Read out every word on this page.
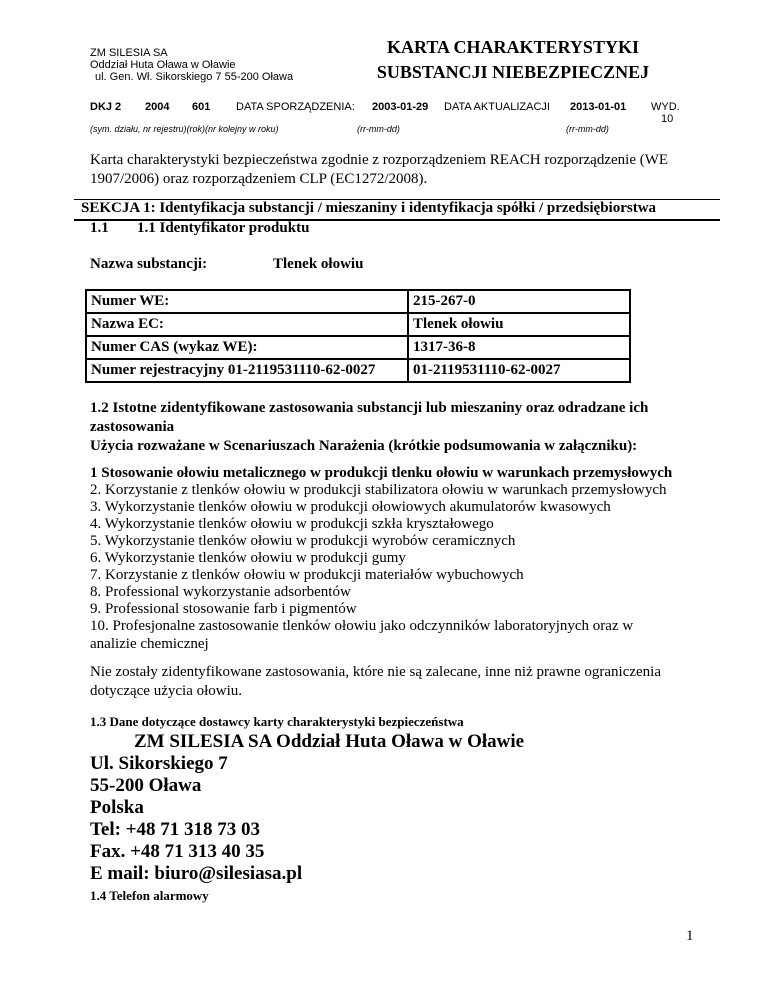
ZM SILESIA SA
Oddział Huta Oława w Oławie
ul. Gen. Wł. Sikorskiego 7 55-200 Oława
KARTA CHARAKTERYSTYKI
SUBSTANCJI NIEBEZPIECZNEJ
DKJ 2 2004 601 DATA SPORZĄDZENIA: 2003-01-29 DATA AKTUALIZACJI 2013-01-01 WYD.
10
(sym. działu, nr rejestru)(rok)(nr kolejny w roku)	(rr-mm-dd)	(rr-mm-dd)
Karta charakterystyki bezpieczeństwa zgodnie z rozporządzeniem REACH rozporządzenie (WE 1907/2006) oraz rozporządzeniem CLP (EC1272/2008).
SEKCJA 1: Identyfikacja substancji / mieszaniny i identyfikacja spółki / przedsiębiorstwa
1.1 1.1 Identyfikator produktu
Nazwa substancji:	Tlenek ołowiu
Numer WE:	215-267-0
Nazwa EC:	Tlenek ołowiu
Numer CAS (wykaz WE):	1317-36-8
Numer rejestracyjny 01-2119531110-62-0027	01-2119531110-62-0027
1.2 Istotne zidentyfikowane zastosowania substancji lub mieszaniny oraz odradzane ich zastosowania
Użycia rozważane w Scenariuszach Narażenia (krótkie podsumowania w załączniku):
1 Stosowanie ołowiu metalicznego w produkcji tlenku ołowiu w warunkach przemysłowych
2. Korzystanie z tlenków ołowiu w produkcji stabilizatora ołowiu w warunkach przemysłowych
3. Wykorzystanie tlenków ołowiu w produkcji ołowiowych akumulatorów kwasowych
4. Wykorzystanie tlenków ołowiu w produkcji szkła kryształowego
5. Wykorzystanie tlenków ołowiu w produkcji wyrobów ceramicznych
6. Wykorzystanie tlenków ołowiu w produkcji gumy
7. Korzystanie z tlenków ołowiu w produkcji materiałów wybuchowych
8. Professional wykorzystanie adsorbentów
9. Professional stosowanie farb i pigmentów
10. Profesjonalne zastosowanie tlenków ołowiu jako odczynników laboratoryjnych oraz w analizie chemicznej
Nie zostały zidentyfikowane zastosowania, które nie są zalecane, inne niż prawne ograniczenia dotyczące użycia ołowiu.
1.3 Dane dotyczące dostawcy karty charakterystyki bezpieczeństwa
ZM SILESIA SA Oddział Huta Oława w Oławie
Ul. Sikorskiego 7
55-200 Oława
Polska
Tel: +48 71 318 73 03
Fax. +48 71 313 40 35
E mail: biuro@silesiasa.pl
1.4 Telefon alarmowy
1
